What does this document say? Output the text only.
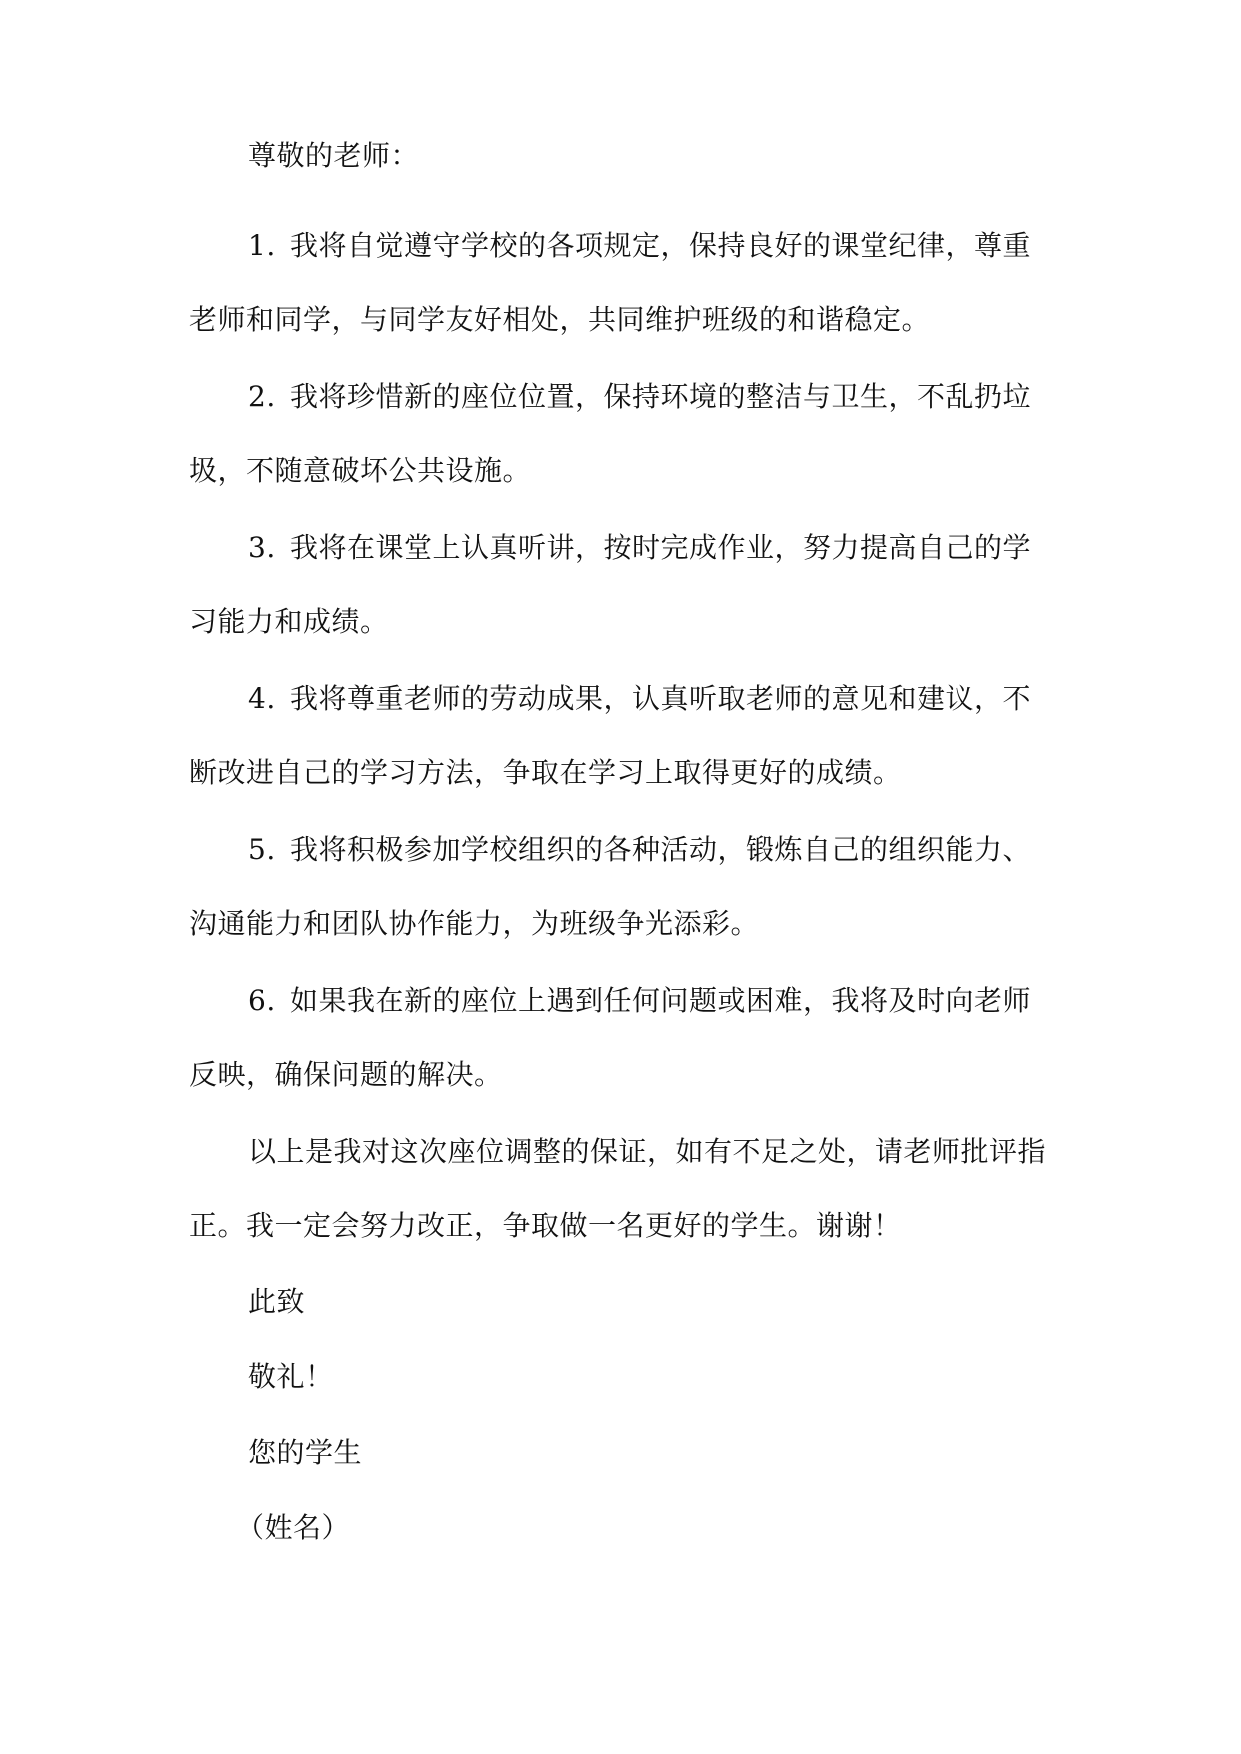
尊敬的老师：

1. 我将自觉遵守学校的各项规定，保持良好的课堂纪律，尊重

老师和同学，与同学友好相处，共同维护班级的和谐稳定。

2. 我将珍惜新的座位位置，保持环境的整洁与卫生，不乱扔垃

圾，不随意破坏公共设施。

3. 我将在课堂上认真听讲，按时完成作业，努力提高自己的学

习能力和成绩。

4. 我将尊重老师的劳动成果，认真听取老师的意见和建议，不

断改进自己的学习方法，争取在学习上取得更好的成绩。

5. 我将积极参加学校组织的各种活动，锻炼自己的组织能力、

沟通能力和团队协作能力，为班级争光添彩。

6. 如果我在新的座位上遇到任何问题或困难，我将及时向老师

反映，确保问题的解决。

以上是我对这次座位调整的保证，如有不足之处，请老师批评指

正。我一定会努力改正，争取做一名更好的学生。谢谢！

此致

敬礼！

您的学生

（姓名）
